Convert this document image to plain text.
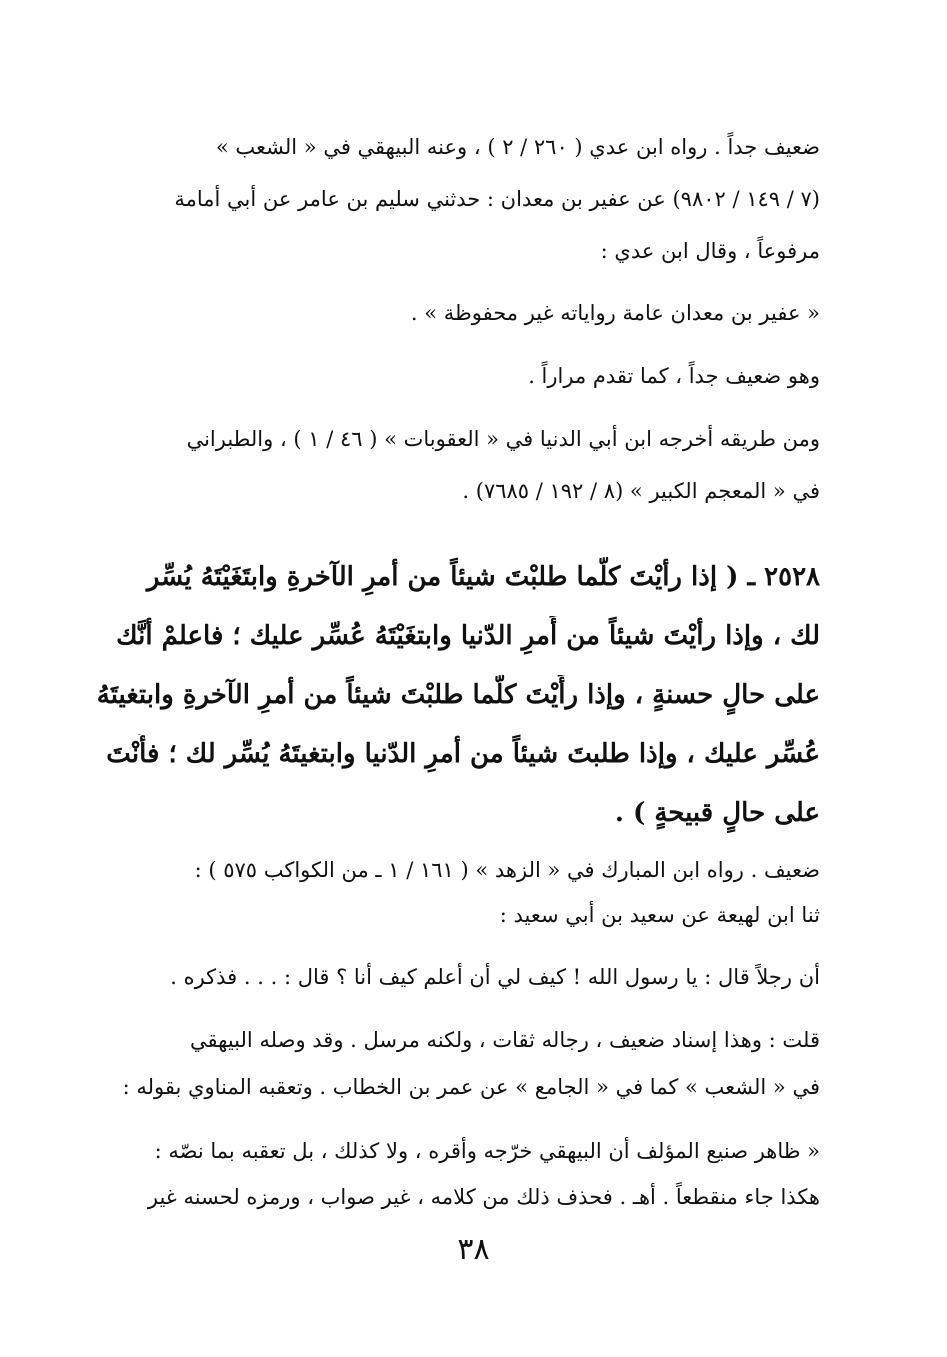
ضعيف جداً . رواه ابن عدي ( ٢٦٠ / ٢ ) ، وعنه البيهقي في « الشعب »
(٧ / ١٤٩ / ٩٨٠٢) عن عفير بن معدان : حدثني سليم بن عامر عن أبي أمامة
مرفوعاً ، وقال ابن عدي :
« عفير بن معدان عامة رواياته غير محفوظة » .
وهو ضعيف جداً ، كما تقدم مراراً .
ومن طريقه أخرجه ابن أبي الدنيا في « العقوبات » ( ٤٦ / ١ ) ، والطبراني
في « المعجم الكبير » (٨ / ١٩٢ / ٧٦٨٥) .
٢٥٢٨ ـ ( إذا رأيْتَ كلّما طلبْتَ شيئاً من أمرِ الآخرةِ وابتَغَيْتَهُ يُسِّر
لك ، وإذا رأيْتَ شيئاً من أَمرِ الدّنيا وابتغَيْتَهُ عُسِّر عليك ؛ فاعلمْ أنَّك
على حالٍ حسنةٍ ، وإذا رأَيْتَ كلّما طلبْتَ شيئاً من أمرِ الآخرةِ وابتغيتَهُ
عُسِّر عليك ، وإذا طلبتَ شيئاً من أمرِ الدّنيا وابتغيتَهُ يُسِّر لك ؛ فأَنْتَ
على حالٍ قبيحةٍ ) .
ضعيف . رواه ابن المبارك في « الزهد » ( ١٦١ / ١ ـ من الكواكب ٥٧٥ ) :
ثنا ابن لهيعة عن سعيد بن أبي سعيد :
أن رجلاً قال : يا رسول الله ! كيف لي أن أعلم كيف أنا ؟ قال : . . . فذكره .
قلت : وهذا إسناد ضعيف ، رجاله ثقات ، ولكنه مرسل . وقد وصله البيهقي
في « الشعب » كما في « الجامع » عن عمر بن الخطاب . وتعقبه المناوي بقوله :
« ظاهر صنيع المؤلف أن البيهقي خرّجه وأقره ، ولا كذلك ، بل تعقبه بما نصّه :
هكذا جاء منقطعاً . أهـ . فحذف ذلك من كلامه ، غير صواب ، ورمزه لحسنه غير
٣٨
